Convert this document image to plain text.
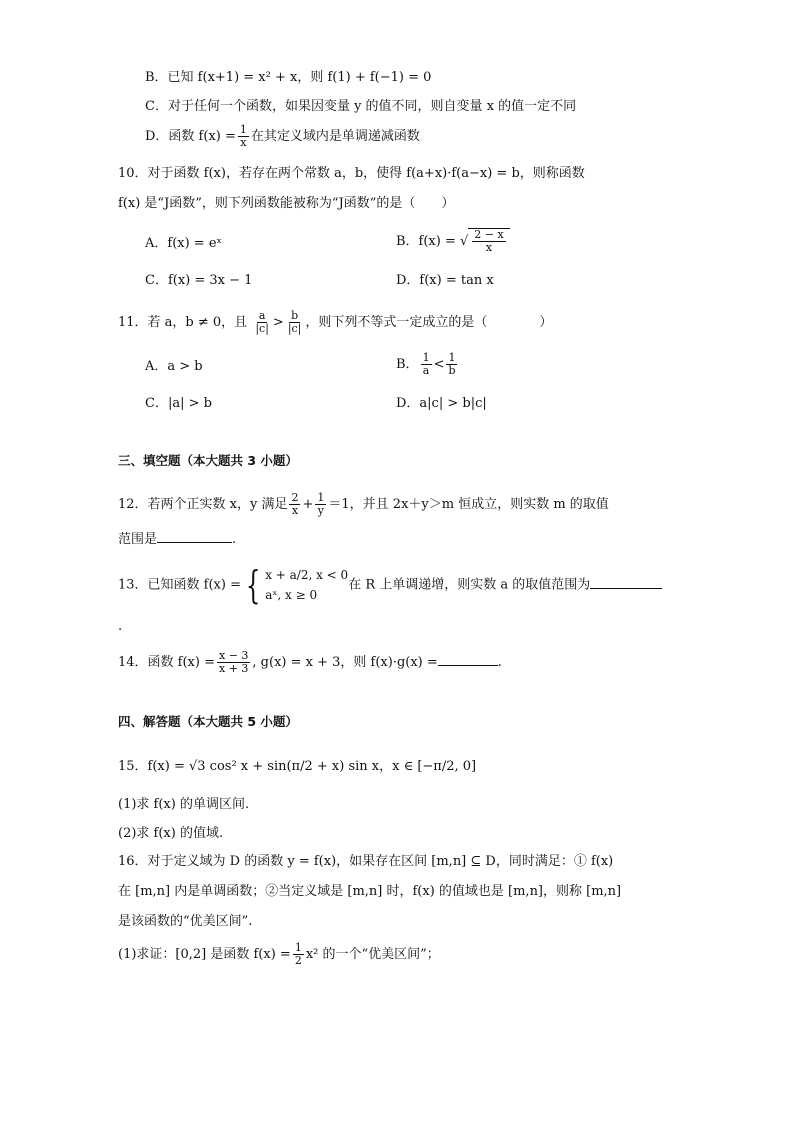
B．已知 f(x+1) = x² + x，则 f(1) + f(−1) = 0
C．对于任何一个函数，如果因变量 y 的值不同，则自变量 x 的值一定不同
D．函数 $f(x) = \frac{1}{x}$ 在其定义域内是单调递减函数
10．对于函数 f(x)，若存在两个常数 a，b，使得 f(a+x)·f(a−x) = b，则称函数
f(x) 是“J函数”，则下列函数能被称为“J函数”的是（　　）
A．f(x) = eˣ	B．f(x) = √ $\frac{2 - x}{x}$
C．f(x) = 3x − 1	D．f(x) = tan x
11．若 a，b ≠ 0，且 $\frac{a}{|c|} > \frac{b}{|c|}$ ，则下列不等式一定成立的是（　　　　）
A．a > b	B． $\frac{1}{a} < \frac{1}{b}$
C．|a| > b	D．a|c| > b|c|
三、填空题（本大题共 3 小题）
12．若两个正实数 x，y 满足 $\frac{2}{x} + \frac{1}{y} =1$，并且 2x＋y＞m 恒成立，则实数 m 的取值
范围是	.
13．已知函数 f(x) = { x + a/2, x < 0
aˣ, x ≥ 0
在 R 上单调递增，则实数 a 的取值范围为
.
14．函数 $f(x) = \frac{x - 3}{x + 3}$ , g(x) = x + 3，则 f(x)·g(x) =	.
四、解答题（本大题共 5 小题）
15．f(x) = √3 cos² x + sin(π/2 + x) sin x，x ∈ [−π/2, 0]
(1)求 f(x) 的单调区间.
(2)求 f(x) 的值域.
16．对于定义域为 D 的函数 y = f(x)，如果存在区间 [m,n] ⊆ D，同时满足：① f(x)
在 [m,n] 内是单调函数；②当定义域是 [m,n] 时，f(x) 的值域也是 [m,n]，则称 [m,n]
是该函数的“优美区间”.
(1)求证：[0,2] 是函数 $f(x) = \frac{1}{2} x^2$ 的一个“优美区间”；
